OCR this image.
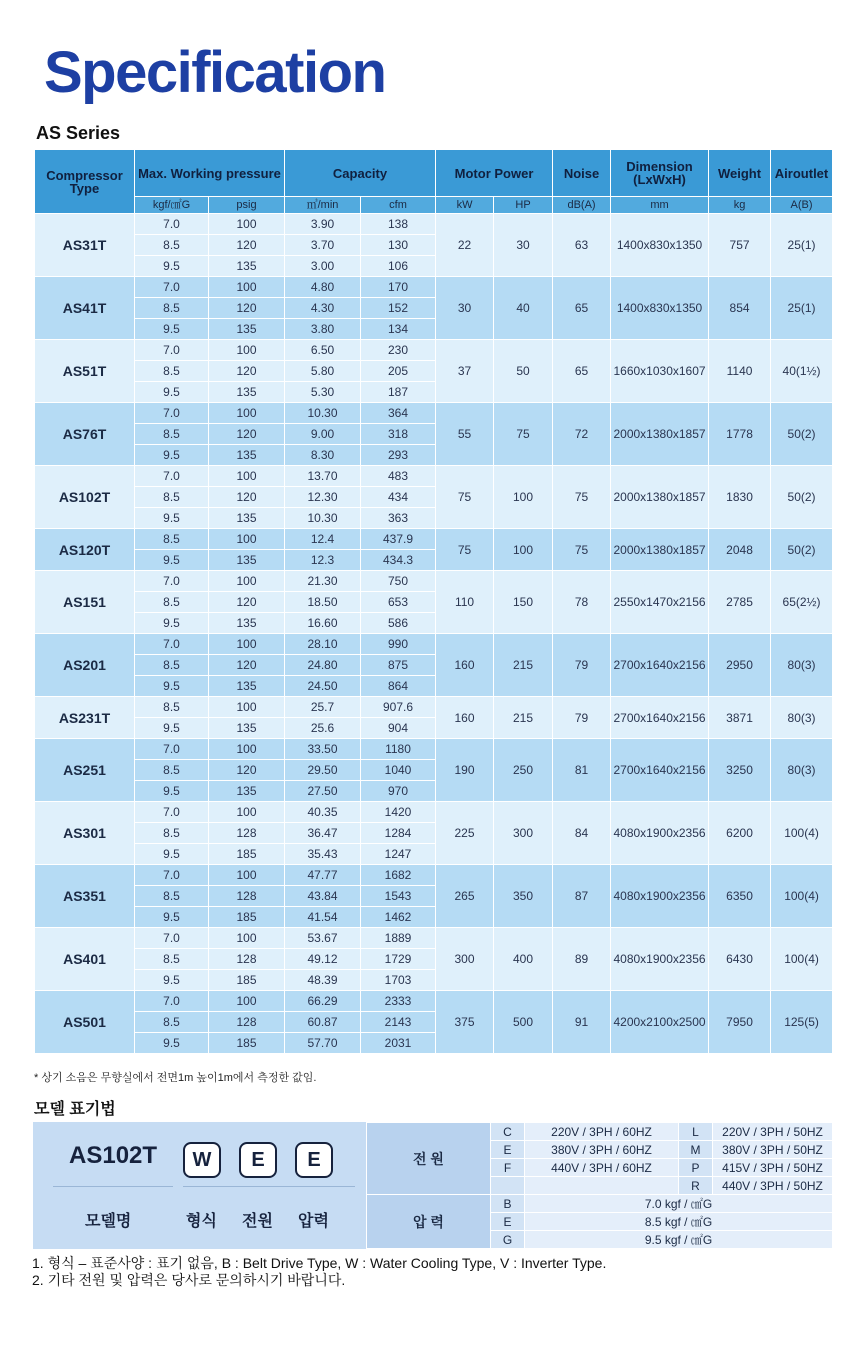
Specification
AS Series
Compressor Type	Max. Working pressure		Capacity		Motor Power		Noise	Dimension (LxWxH)	Weight	Airoutlet
	kgf/㎠G	psig	㎥/min	cfm	kW	HP	dB(A)	mm	kg	A(B)
AS31T	7.0	100	3.90	138	22	30	63	1400x830x1350	757	25(1)
	8.5	120	3.70	130						
	9.5	135	3.00	106						
AS41T	7.0	100	4.80	170	30	40	65	1400x830x1350	854	25(1)
	8.5	120	4.30	152						
	9.5	135	3.80	134						
AS51T	7.0	100	6.50	230	37	50	65	1660x1030x1607	1140	40(1½)
	8.5	120	5.80	205						
	9.5	135	5.30	187						
AS76T	7.0	100	10.30	364	55	75	72	2000x1380x1857	1778	50(2)
	8.5	120	9.00	318						
	9.5	135	8.30	293						
AS102T	7.0	100	13.70	483	75	100	75	2000x1380x1857	1830	50(2)
	8.5	120	12.30	434						
	9.5	135	10.30	363						
AS120T	8.5	100	12.4	437.9	75	100	75	2000x1380x1857	2048	50(2)
	9.5	135	12.3	434.3						
AS151	7.0	100	21.30	750	110	150	78	2550x1470x2156	2785	65(2½)
	8.5	120	18.50	653						
	9.5	135	16.60	586						
AS201	7.0	100	28.10	990	160	215	79	2700x1640x2156	2950	80(3)
	8.5	120	24.80	875						
	9.5	135	24.50	864						
AS231T	8.5	100	25.7	907.6	160	215	79	2700x1640x2156	3871	80(3)
	9.5	135	25.6	904						
AS251	7.0	100	33.50	1180	190	250	81	2700x1640x2156	3250	80(3)
	8.5	120	29.50	1040						
	9.5	135	27.50	970						
AS301	7.0	100	40.35	1420	225	300	84	4080x1900x2356	6200	100(4)
	8.5	128	36.47	1284						
	9.5	185	35.43	1247						
AS351	7.0	100	47.77	1682	265	350	87	4080x1900x2356	6350	100(4)
	8.5	128	43.84	1543						
	9.5	185	41.54	1462						
AS401	7.0	100	53.67	1889	300	400	89	4080x1900x2356	6430	100(4)
	8.5	128	49.12	1729						
	9.5	185	48.39	1703						
AS501	7.0	100	66.29	2333	375	500	91	4200x2100x2500	7950	125(5)
	8.5	128	60.87	2143						
	9.5	185	57.70	2031						
* 상기 소음은 무향실에서 전면1m 높이1m에서 측정한 값임.
모델 표기법
AS102T	W	E	E
모델명	형식 전원 압력
전 원	C	220V / 3PH / 60HZ	L	220V / 3PH / 50HZ
	E	380V / 3PH / 60HZ	M	380V / 3PH / 50HZ
	F	440V / 3PH / 60HZ	P	415V / 3PH / 50HZ
			R	440V / 3PH / 50HZ
압 력	B	7.0 kgf / ㎠G		
	E	8.5 kgf / ㎠G		
	G	9.5 kgf / ㎠G		
1. 형식 – 표준사양 : 표기 없음, B : Belt Drive Type, W : Water Cooling Type, V : Inverter Type.
2. 기타 전원 및 압력은 당사로 문의하시기 바랍니다.
